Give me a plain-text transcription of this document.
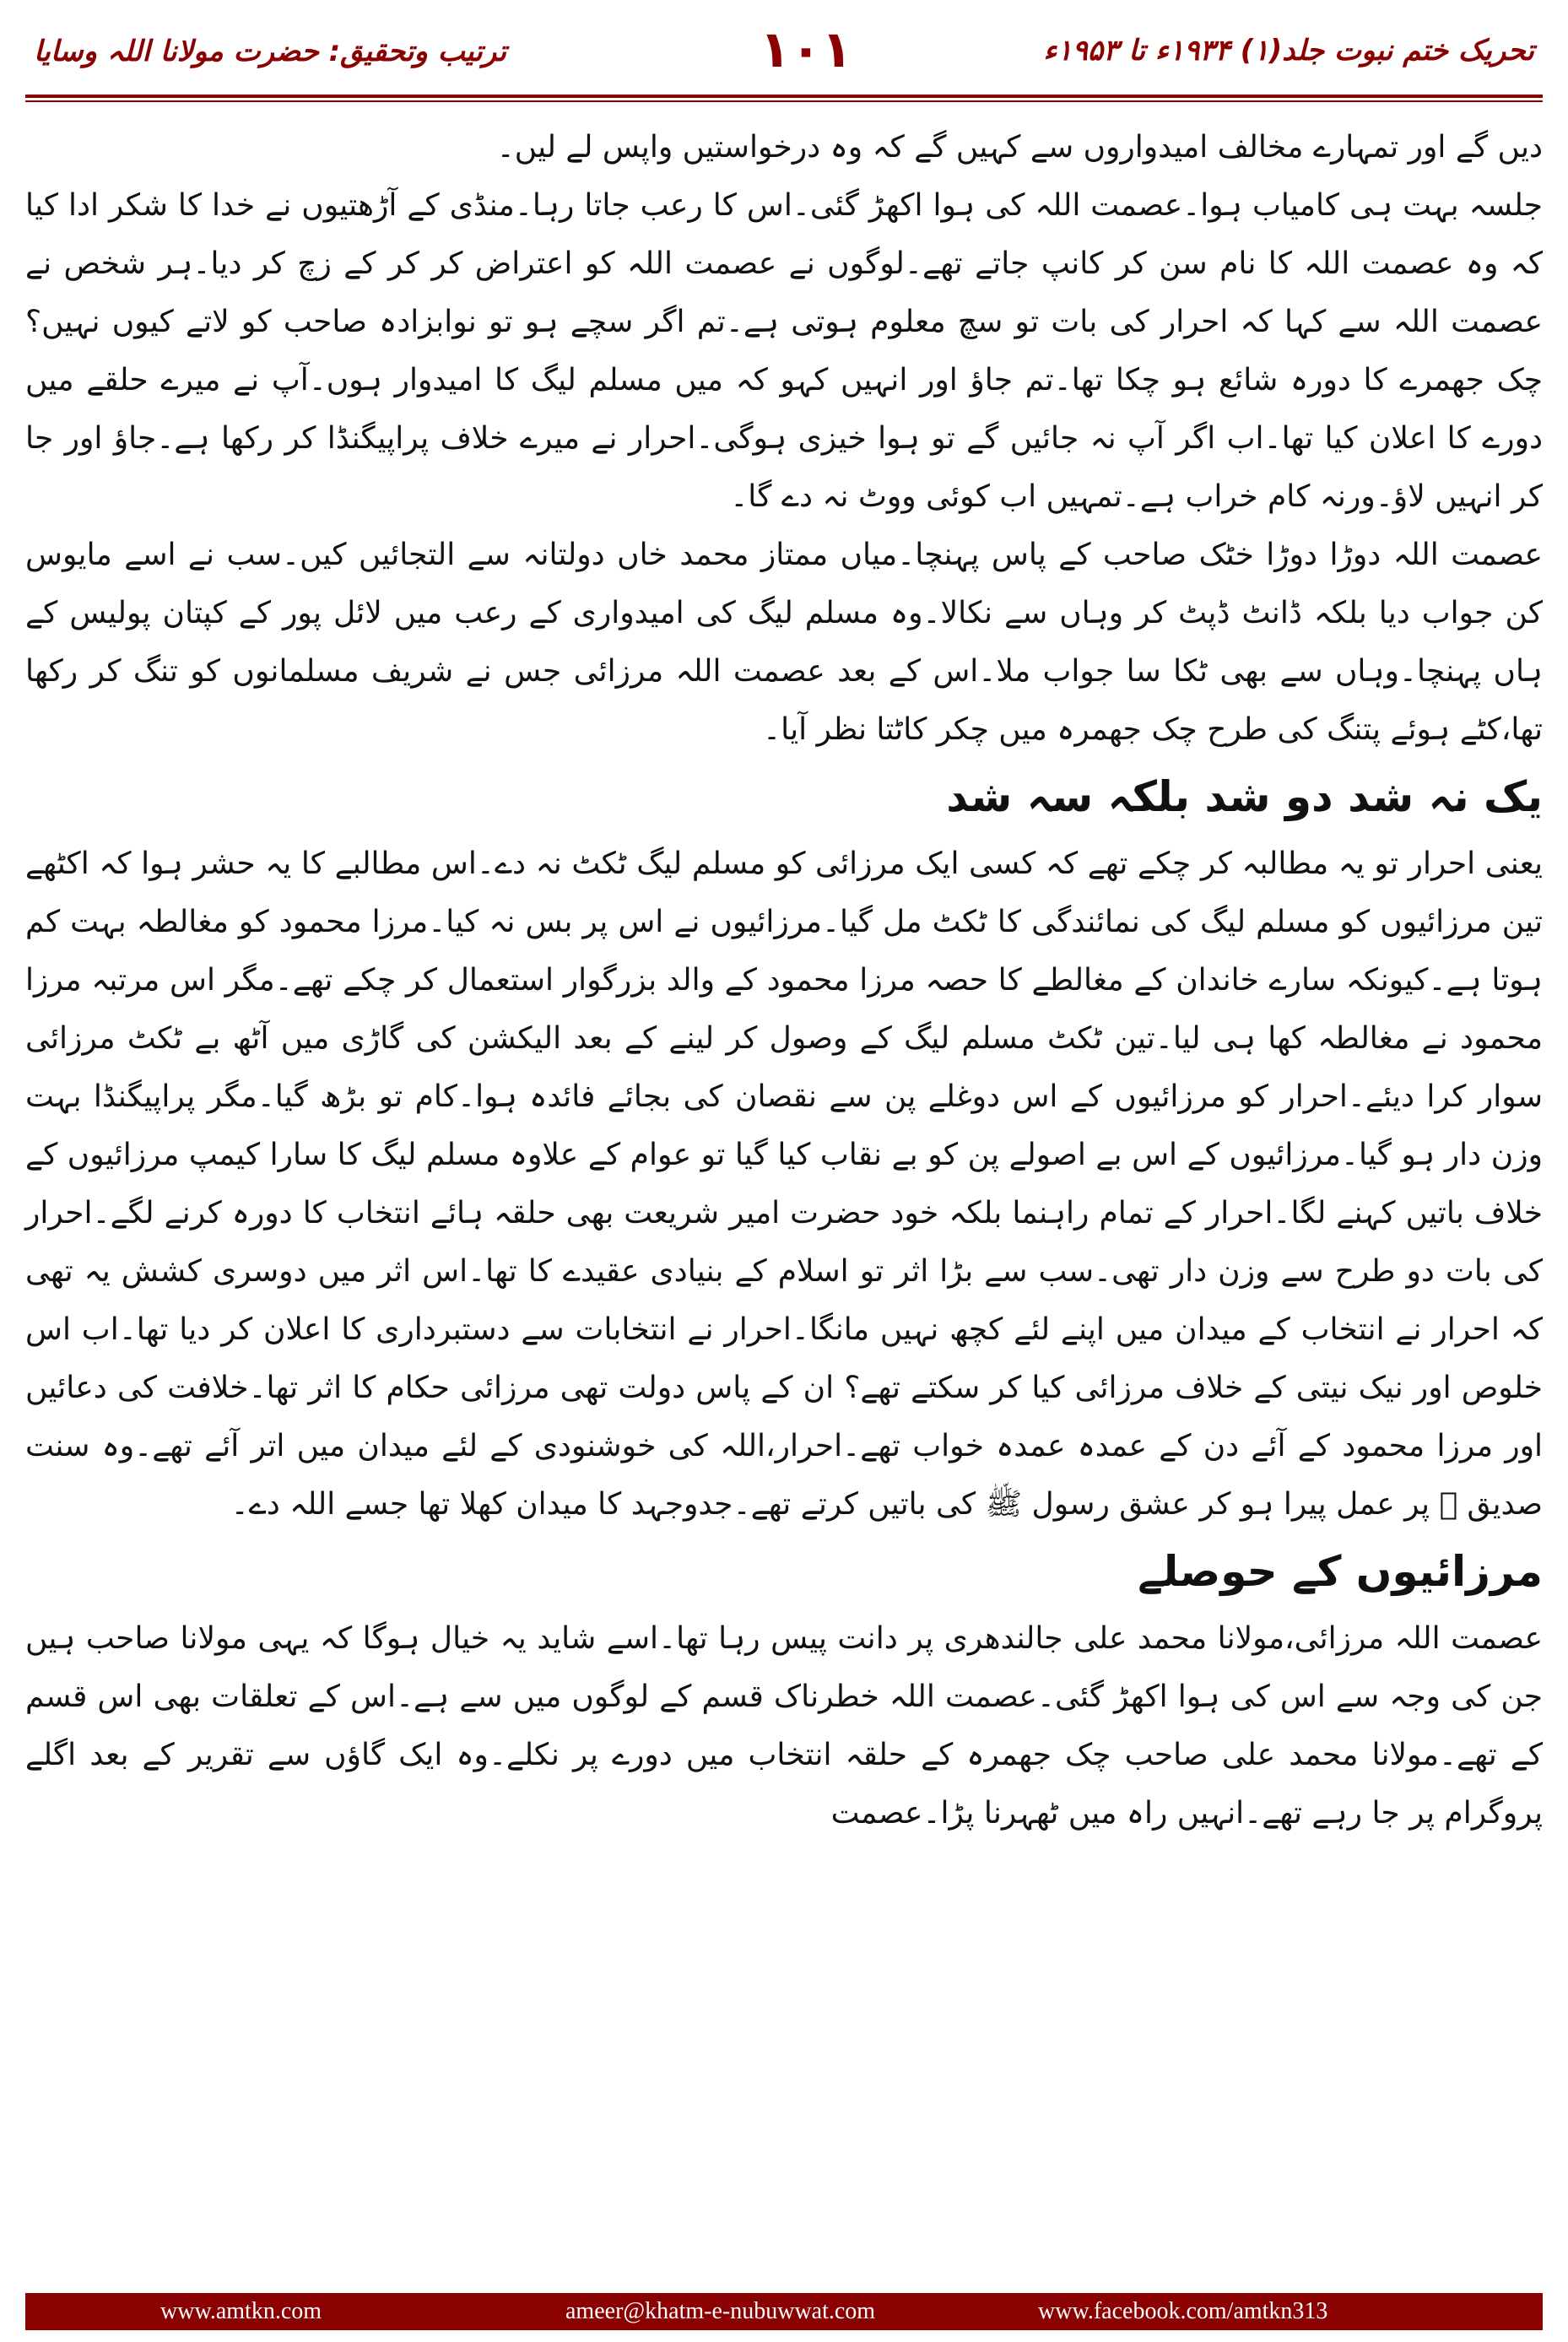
تحریک ختم نبوت جلد(۱) ۱۹۳۴ء تا ۱۹۵۳ء
۱۰۱
ترتیب وتحقیق: حضرت مولانا اللہ وسایا

دیں گے اور تمہارے مخالف امیدواروں سے کہیں گے کہ وہ درخواستیں واپس لے لیں۔

جلسہ بہت ہی کامیاب ہوا۔عصمت اللہ کی ہوا اکھڑ گئی۔اس کا رعب جاتا رہا۔منڈی کے آڑھتیوں نے خدا کا شکر ادا کیا کہ وہ عصمت اللہ کا نام سن کر کانپ جاتے تھے۔لوگوں نے عصمت اللہ کو اعتراض کر کر کے زچ کر دیا۔ہر شخص نے عصمت اللہ سے کہا کہ احرار کی بات تو سچ معلوم ہوتی ہے۔تم اگر سچے ہو تو نوابزادہ صاحب کو لاتے کیوں نہیں؟ چک جھمرے کا دورہ شائع ہو چکا تھا۔تم جاؤ اور انہیں کہو کہ میں مسلم لیگ کا امیدوار ہوں۔آپ نے میرے حلقے میں دورے کا اعلان کیا تھا۔اب اگر آپ نہ جائیں گے تو ہوا خیزی ہوگی۔احرار نے میرے خلاف پراپیگنڈا کر رکھا ہے۔جاؤ اور جا کر انہیں لاؤ۔ورنہ کام خراب ہے۔تمہیں اب کوئی ووٹ نہ دے گا۔

عصمت اللہ دوڑا دوڑا خٹک صاحب کے پاس پہنچا۔میاں ممتاز محمد خاں دولتانہ سے التجائیں کیں۔سب نے اسے مایوس کن جواب دیا بلکہ ڈانٹ ڈپٹ کر وہاں سے نکالا۔وہ مسلم لیگ کی امیدواری کے رعب میں لائل پور کے کپتان پولیس کے ہاں پہنچا۔وہاں سے بھی ٹکا سا جواب ملا۔اس کے بعد عصمت اللہ مرزائی جس نے شریف مسلمانوں کو تنگ کر رکھا تھا،کٹے ہوئے پتنگ کی طرح چک جھمرہ میں چکر کاٹتا نظر آیا۔

یک نہ شد دو شد بلکہ سہ شد

یعنی احرار تو یہ مطالبہ کر چکے تھے کہ کسی ایک مرزائی کو مسلم لیگ ٹکٹ نہ دے۔اس مطالبے کا یہ حشر ہوا کہ اکٹھے تین مرزائیوں کو مسلم لیگ کی نمائندگی کا ٹکٹ مل گیا۔مرزائیوں نے اس پر بس نہ کیا۔مرزا محمود کو مغالطہ بہت کم ہوتا ہے۔کیونکہ سارے خاندان کے مغالطے کا حصہ مرزا محمود کے والد بزرگوار استعمال کر چکے تھے۔مگر اس مرتبہ مرزا محمود نے مغالطہ کھا ہی لیا۔تین ٹکٹ مسلم لیگ کے وصول کر لینے کے بعد الیکشن کی گاڑی میں آٹھ بے ٹکٹ مرزائی سوار کرا دیئے۔احرار کو مرزائیوں کے اس دوغلے پن سے نقصان کی بجائے فائدہ ہوا۔کام تو بڑھ گیا۔مگر پراپیگنڈا بہت وزن دار ہو گیا۔مرزائیوں کے اس بے اصولے پن کو بے نقاب کیا گیا تو عوام کے علاوہ مسلم لیگ کا سارا کیمپ مرزائیوں کے خلاف باتیں کہنے لگا۔احرار کے تمام راہنما بلکہ خود حضرت امیر شریعت بھی حلقہ ہائے انتخاب کا دورہ کرنے لگے۔احرار کی بات دو طرح سے وزن دار تھی۔سب سے بڑا اثر تو اسلام کے بنیادی عقیدے کا تھا۔اس اثر میں دوسری کشش یہ تھی کہ احرار نے انتخاب کے میدان میں اپنے لئے کچھ نہیں مانگا۔احرار نے انتخابات سے دستبرداری کا اعلان کر دیا تھا۔اب اس خلوص اور نیک نیتی کے خلاف مرزائی کیا کر سکتے تھے؟ ان کے پاس دولت تھی مرزائی حکام کا اثر تھا۔خلافت کی دعائیں اور مرزا محمود کے آئے دن کے عمدہ عمدہ خواب تھے۔احرار،اللہ کی خوشنودی کے لئے میدان میں اتر آئے تھے۔وہ سنت صدیق ﷜ پر عمل پیرا ہو کر عشق رسول ﷺ کی باتیں کرتے تھے۔جدوجہد کا میدان کھلا تھا جسے اللہ دے۔

مرزائیوں کے حوصلے

عصمت اللہ مرزائی،مولانا محمد علی جالندھری پر دانت پیس رہا تھا۔اسے شاید یہ خیال ہوگا کہ یہی مولانا صاحب ہیں جن کی وجہ سے اس کی ہوا اکھڑ گئی۔عصمت اللہ خطرناک قسم کے لوگوں میں سے ہے۔اس کے تعلقات بھی اس قسم کے تھے۔مولانا محمد علی صاحب چک جھمرہ کے حلقہ انتخاب میں دورے پر نکلے۔وہ ایک گاؤں سے تقریر کے بعد اگلے پروگرام پر جا رہے تھے۔انہیں راہ میں ٹھہرنا پڑا۔عصمت

www.amtkn.com	ameer@khatm-e-nubuwwat.com	www.facebook.com/amtkn313
